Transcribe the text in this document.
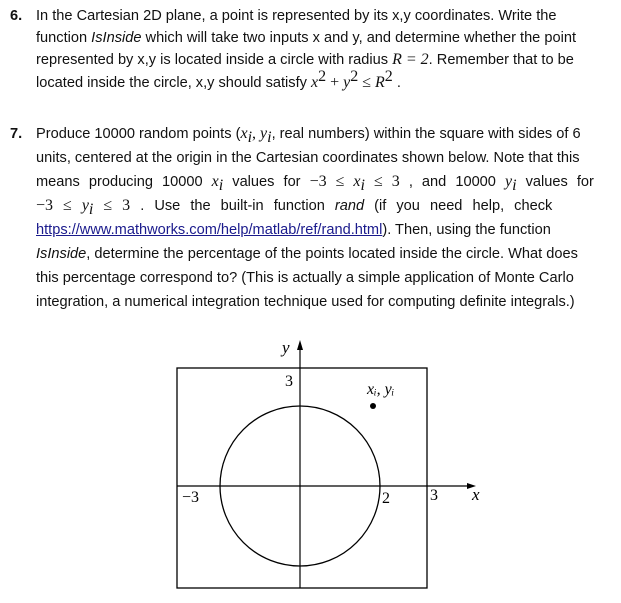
6. In the Cartesian 2D plane, a point is represented by its x,y coordinates. Write the
function IsInside which will take two inputs x and y, and determine whether the point
represented by x,y is located inside a circle with radius R = 2. Remember that to be
located inside the circle, x,y should satisfy $x^2 + y^2 \le R^2$ .
7. Produce 10000 random points ($x_i$, $y_i$, real numbers) within the square with sides of 6
units, centered at the origin in the Cartesian coordinates shown below. Note that this
means producing 10000 $x_i$ values for $-3 \le x_i \le 3$ , and 10000 $y_i$ values for
$-3 \le y_i \le 3$ . Use the built-in function rand (if you need help, check
https://www.mathworks.com/help/matlab/ref/rand.html). Then, using the function
IsInside, determine the percentage of the points located inside the circle. What does
this percentage correspond to? (This is actually a simple application of Monte Carlo
integration, a numerical integration technique used for computing definite integrals.)
y
x
3
−3	2	3
xᵢ, yᵢ
